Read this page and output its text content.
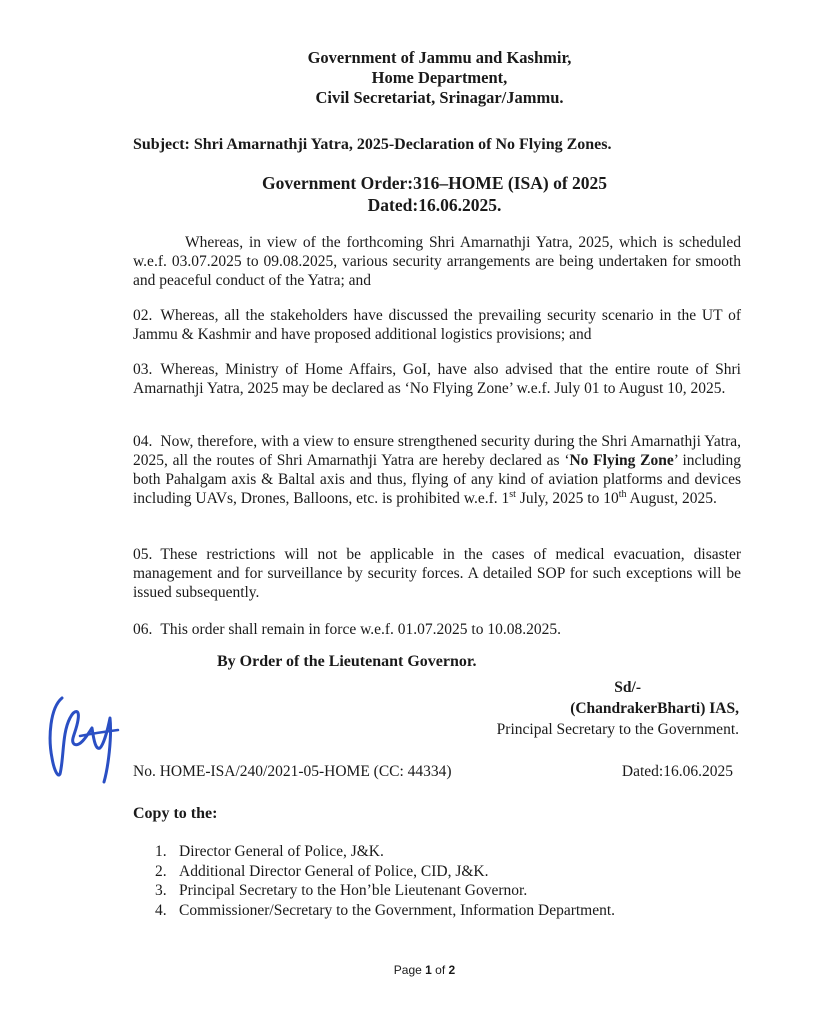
Government of Jammu and Kashmir,
Home Department,
Civil Secretariat, Srinagar/Jammu.
Subject: Shri Amarnathji Yatra, 2025-Declaration of No Flying Zones.
Government Order:316–HOME (ISA) of 2025
Dated:16.06.2025.
Whereas, in view of the forthcoming Shri Amarnathji Yatra, 2025, which is scheduled w.e.f. 03.07.2025 to 09.08.2025, various security arrangements are being undertaken for smooth and peaceful conduct of the Yatra; and
02. Whereas, all the stakeholders have discussed the prevailing security scenario in the UT of Jammu & Kashmir and have proposed additional logistics provisions; and
03. Whereas, Ministry of Home Affairs, GoI, have also advised that the entire route of Shri Amarnathji Yatra, 2025 may be declared as ‘No Flying Zone’ w.e.f. July 01 to August 10, 2025.
04. Now, therefore, with a view to ensure strengthened security during the Shri Amarnathji Yatra, 2025, all the routes of Shri Amarnathji Yatra are hereby declared as ‘No Flying Zone’ including both Pahalgam axis & Baltal axis and thus, flying of any kind of aviation platforms and devices including UAVs, Drones, Balloons, etc. is prohibited w.e.f. 1st July, 2025 to 10th August, 2025.
05. These restrictions will not be applicable in the cases of medical evacuation, disaster management and for surveillance by security forces. A detailed SOP for such exceptions will be issued subsequently.
06. This order shall remain in force w.e.f. 01.07.2025 to 10.08.2025.
By Order of the Lieutenant Governor.
Sd/-
(ChandrakerBharti) IAS,
Principal Secretary to the Government.
No. HOME-ISA/240/2021-05-HOME (CC: 44334)	Dated:16.06.2025
Copy to the:
1. Director General of Police, J&K.
2. Additional Director General of Police, CID, J&K.
3. Principal Secretary to the Hon’ble Lieutenant Governor.
4. Commissioner/Secretary to the Government, Information Department.
Page 1 of 2
